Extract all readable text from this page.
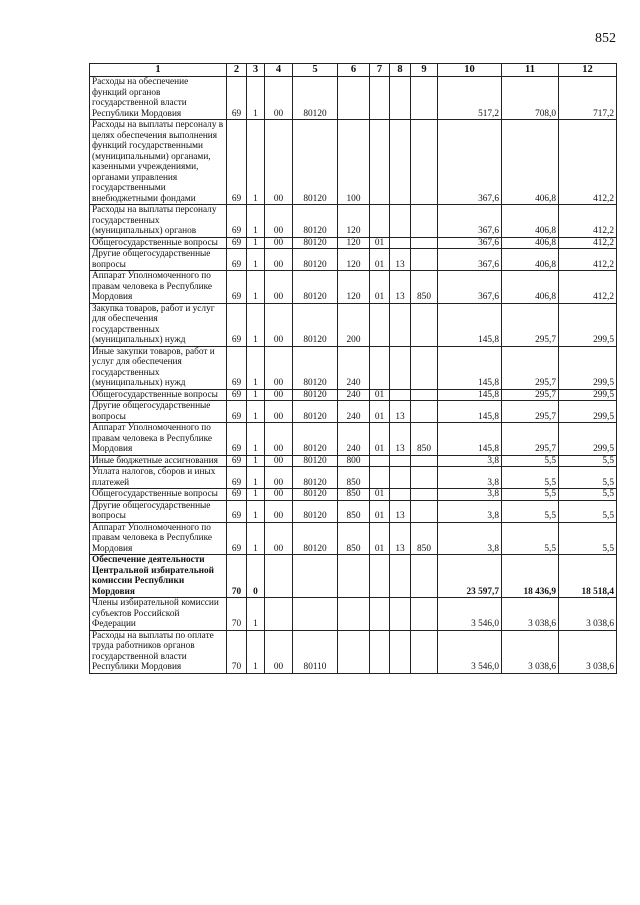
852
1	2	3	4	5	6	7	8	9	10	11	12
Расходы на обеспечение функций органов государственной власти Республики Мордовия	69	1	00	80120					517,2	708,0	717,2
Расходы на выплаты персоналу в целях обеспечения выполнения функций государственными (муниципальными) органами, казенными учреждениями, органами управления государственными внебюджетными фондами	69	1	00	80120	100				367,6	406,8	412,2
Расходы на выплаты персоналу государственных (муниципальных) органов	69	1	00	80120	120				367,6	406,8	412,2
Общегосударственные вопросы	69	1	00	80120	120	01			367,6	406,8	412,2
Другие общегосударственные вопросы	69	1	00	80120	120	01	13		367,6	406,8	412,2
Аппарат Уполномоченного по правам человека в Республике Мордовия	69	1	00	80120	120	01	13	850	367,6	406,8	412,2
Закупка товаров, работ и услуг для обеспечения государственных (муниципальных) нужд	69	1	00	80120	200				145,8	295,7	299,5
Иные закупки товаров, работ и услуг для обеспечения государственных (муниципальных) нужд	69	1	00	80120	240				145,8	295,7	299,5
Общегосударственные вопросы	69	1	00	80120	240	01			145,8	295,7	299,5
Другие общегосударственные вопросы	69	1	00	80120	240	01	13		145,8	295,7	299,5
Аппарат Уполномоченного по правам человека в Республике Мордовия	69	1	00	80120	240	01	13	850	145,8	295,7	299,5
Иные бюджетные ассигнования	69	1	00	80120	800				3,8	5,5	5,5
Уплата налогов, сборов и иных платежей	69	1	00	80120	850				3,8	5,5	5,5
Общегосударственные вопросы	69	1	00	80120	850	01			3,8	5,5	5,5
Другие общегосударственные вопросы	69	1	00	80120	850	01	13		3,8	5,5	5,5
Аппарат Уполномоченного по правам человека в Республике Мордовия	69	1	00	80120	850	01	13	850	3,8	5,5	5,5
Обеспечение деятельности Центральной избирательной комиссии Республики Мордовия	70	0							23 597,7	18 436,9	18 518,4
Члены избирательной комиссии субъектов Российской Федерации	70	1							3 546,0	3 038,6	3 038,6
Расходы на выплаты по оплате труда работников органов государственной власти Республики Мордовия	70	1	00	80110					3 546,0	3 038,6	3 038,6
